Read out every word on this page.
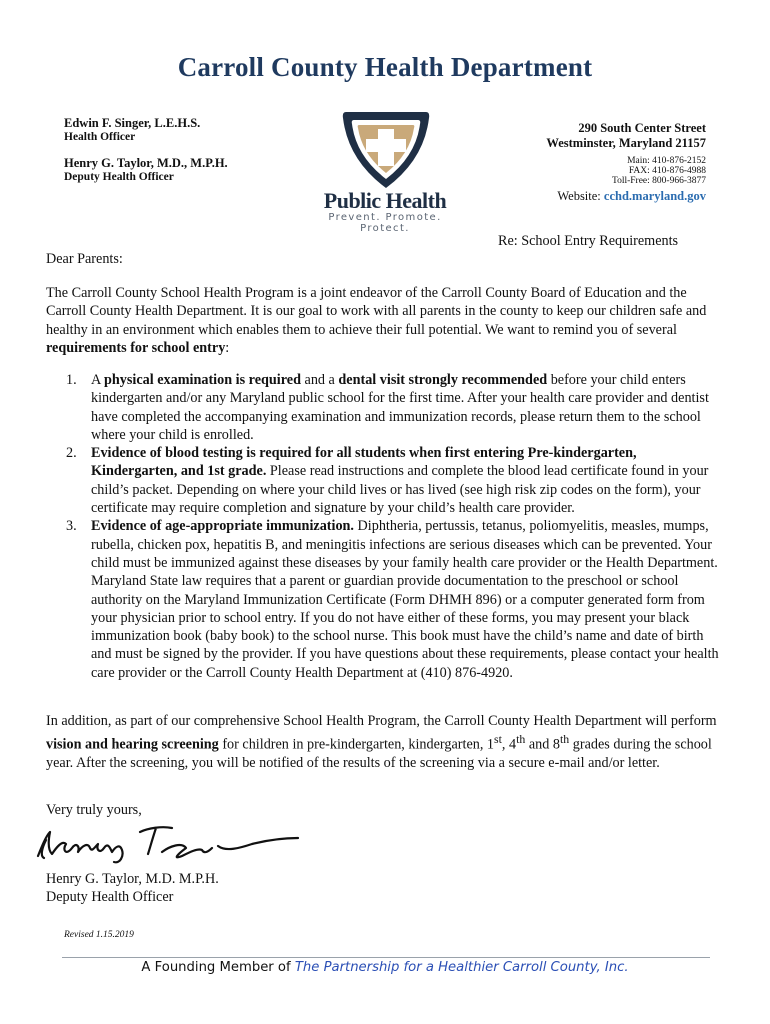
Carroll County Health Department
Edwin F. Singer, L.E.H.S.
Health Officer
Henry G. Taylor, M.D., M.P.H.
Deputy Health Officer
Public Health
Prevent. Promote. Protect.
290 South Center Street
Westminster, Maryland 21157
Main: 410-876-2152
FAX: 410-876-4988
Toll-Free: 800-966-3877
Website: cchd.maryland.gov
Re: School Entry Requirements
Dear Parents:
The Carroll County School Health Program is a joint endeavor of the Carroll County Board of Education and the Carroll County Health Department. It is our goal to work with all parents in the county to keep our children safe and healthy in an environment which enables them to achieve their full potential. We want to remind you of several requirements for school entry:
1. A physical examination is required and a dental visit strongly recommended before your child enters kindergarten and/or any Maryland public school for the first time. After your health care provider and dentist have completed the accompanying examination and immunization records, please return them to the school where your child is enrolled.
2. Evidence of blood testing is required for all students when first entering Pre-kindergarten, Kindergarten, and 1st grade. Please read instructions and complete the blood lead certificate found in your child’s packet. Depending on where your child lives or has lived (see high risk zip codes on the form), your certificate may require completion and signature by your child’s health care provider.
3. Evidence of age-appropriate immunization. Diphtheria, pertussis, tetanus, poliomyelitis, measles, mumps, rubella, chicken pox, hepatitis B, and meningitis infections are serious diseases which can be prevented. Your child must be immunized against these diseases by your family health care provider or the Health Department. Maryland State law requires that a parent or guardian provide documentation to the preschool or school authority on the Maryland Immunization Certificate (Form DHMH 896) or a computer generated form from your physician prior to school entry. If you do not have either of these forms, you may present your black immunization book (baby book) to the school nurse. This book must have the child’s name and date of birth and must be signed by the provider. If you have questions about these requirements, please contact your health care provider or the Carroll County Health Department at (410) 876-4920.
In addition, as part of our comprehensive School Health Program, the Carroll County Health Department will perform vision and hearing screening for children in pre-kindergarten, kindergarten, 1st, 4th and 8th grades during the school year. After the screening, you will be notified of the results of the screening via a secure e-mail and/or letter.
Very truly yours,
Henry G. Taylor, M.D. M.P.H.
Deputy Health Officer
Revised 1.15.2019
A Founding Member of The Partnership for a Healthier Carroll County, Inc.
